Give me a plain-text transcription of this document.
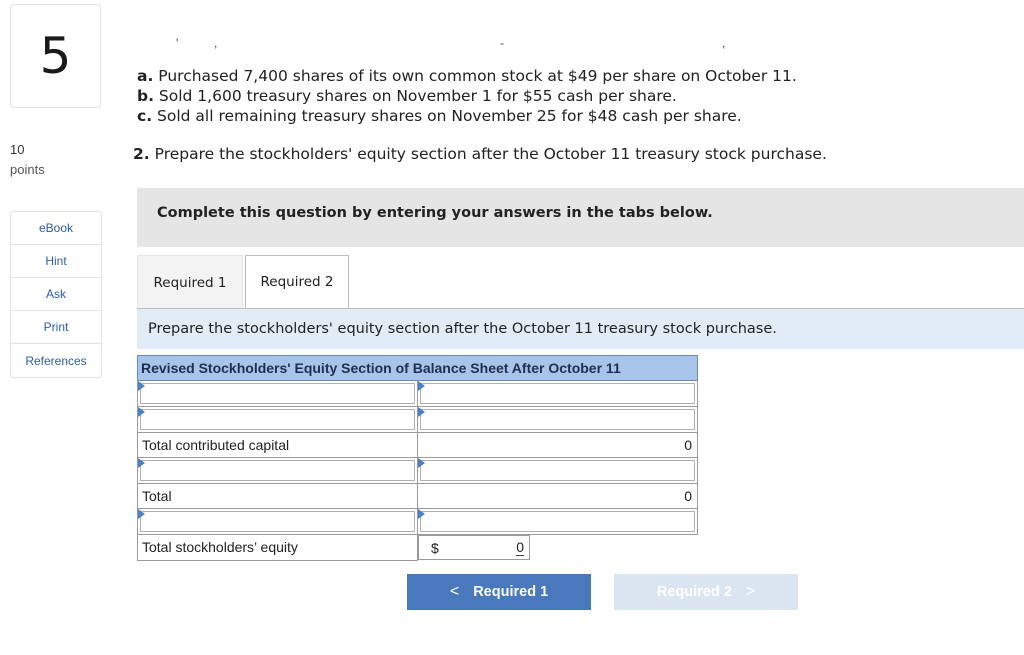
5
10
points
eBook
Hint
Ask
Print
References
'	,	-	,
a. Purchased 7,400 shares of its own common stock at $49 per share on October 11.
b. Sold 1,600 treasury shares on November 1 for $55 cash per share.
c. Sold all remaining treasury shares on November 25 for $48 cash per share.
2. Prepare the stockholders' equity section after the October 11 treasury stock purchase.
Complete this question by entering your answers in the tabs below.
Required 1	Required 2
Prepare the stockholders' equity section after the October 11 treasury stock purchase.
Revised Stockholders' Equity Section of Balance Sheet After October 11	

Total contributed capital	0

Total	0

Total stockholders’ equity		$	0
< Required 1	Required 2 >
